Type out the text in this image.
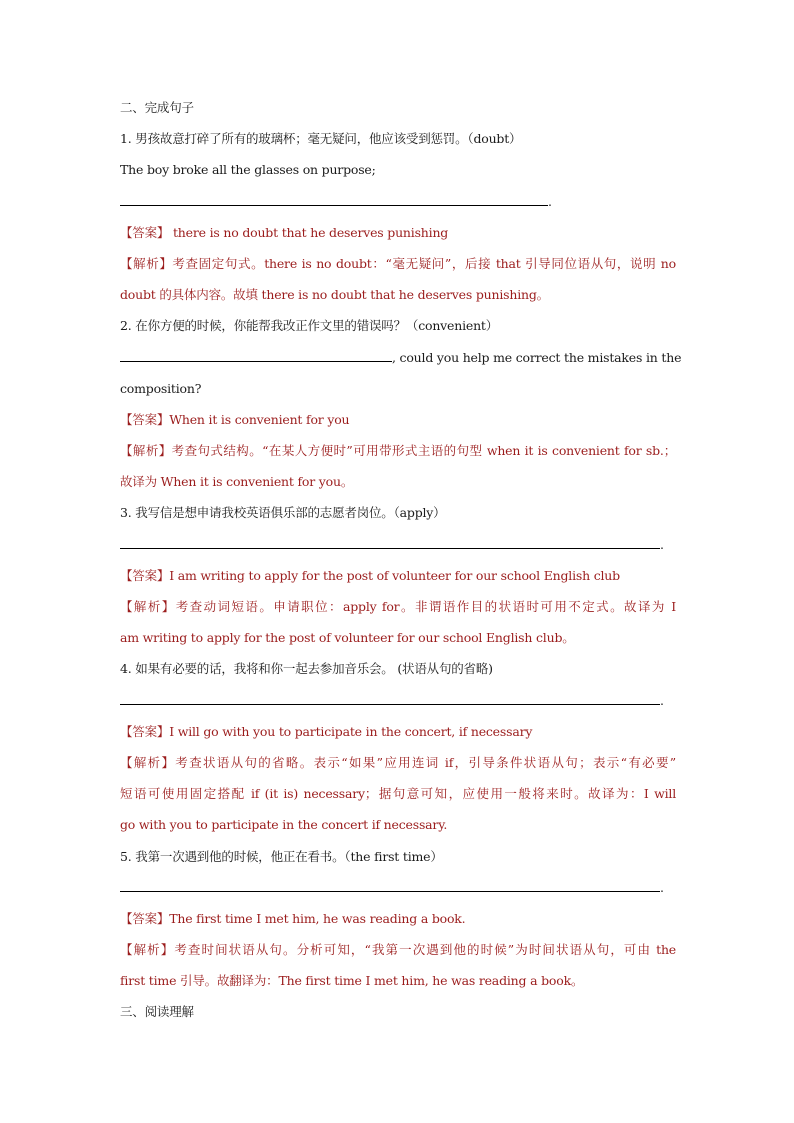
二、完成句子
1. 男孩故意打碎了所有的玻璃杯；毫无疑问，他应该受到惩罚。（doubt）
The boy broke all the glasses on purpose;
.
【答案】 there is no doubt that he deserves punishing
【解析】考查固定句式。there is no doubt：“毫无疑问”，后接 that 引导同位语从句，说明 no
doubt 的具体内容。故填 there is no doubt that he deserves punishing。
2. 在你方便的时候，你能帮我改正作文里的错误吗？（convenient）
, could you help me correct the mistakes in the
composition?
【答案】When it is convenient for you
【解析】考查句式结构。“在某人方便时”可用带形式主语的句型 when it is convenient for sb.；
故译为 When it is convenient for you。
3. 我写信是想申请我校英语俱乐部的志愿者岗位。（apply）
.
【答案】I am writing to apply for the post of volunteer for our school English club
【解析】考查动词短语。申请职位：apply for。非谓语作目的状语时可用不定式。故译为 I
am writing to apply for the post of volunteer for our school English club。
4. 如果有必要的话，我将和你一起去参加音乐会。 (状语从句的省略)
.
【答案】I will go with you to participate in the concert, if necessary
【解析】考查状语从句的省略。表示“如果”应用连词 if，引导条件状语从句；表示“有必要”
短语可使用固定搭配 if (it is) necessary；据句意可知，应使用一般将来时。故译为：I will
go with you to participate in the concert if necessary.
5. 我第一次遇到他的时候，他正在看书。（the first time）
.
【答案】The first time I met him, he was reading a book.
【解析】考查时间状语从句。分析可知，“我第一次遇到他的时候”为时间状语从句，可由 the
first time 引导。故翻译为：The first time I met him, he was reading a book。
三、阅读理解
